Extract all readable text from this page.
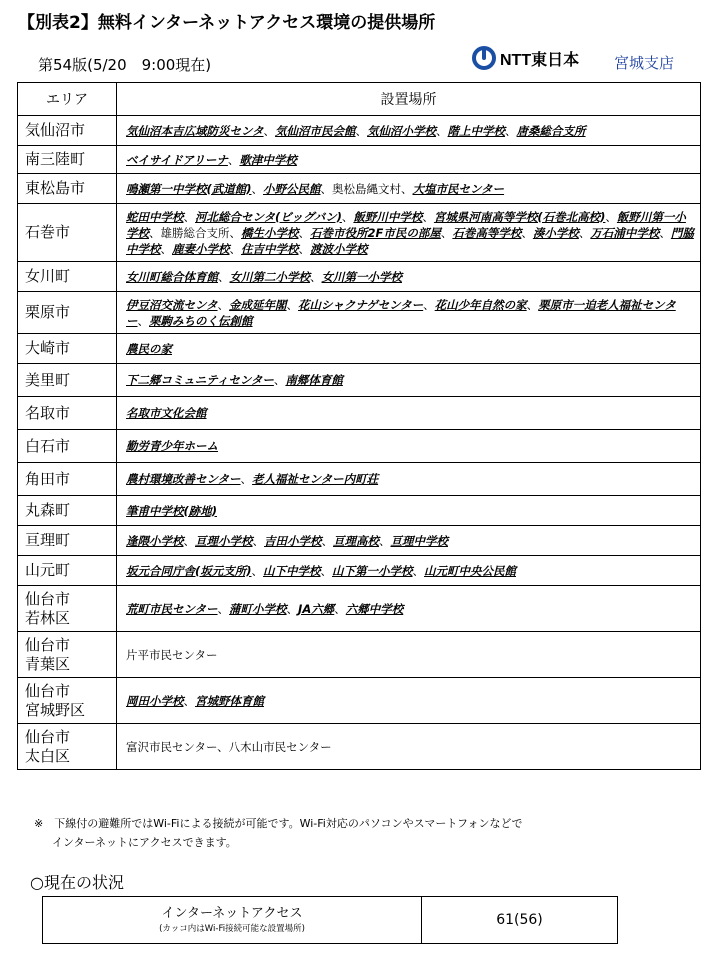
【別表2】無料インターネットアクセス環境の提供場所
第54版(5/20　9:00現在)	NTT東日本 宮城支店
エリア	設置場所

気仙沼市	気仙沼本吉広域防災センタ、気仙沼市民会館、気仙沼小学校、階上中学校、唐桑総合支所

南三陸町	ベイサイドアリーナ、歌津中学校

東松島市	鳴瀬第一中学校(武道館)、小野公民館、奥松島縄文村、大塩市民センター

石巻市	蛇田中学校、河北総合センタ(ビッグバン)、飯野川中学校、宮城県河南高等学校(石巻北高校)、飯野川第一小学校、雄勝総合支所、橋生小学校、石巻市役所2F市民の部屋、石巻高等学校、湊小学校、万石浦中学校、門脇中学校、鹿妻小学校、住吉中学校、渡波小学校

女川町	女川町総合体育館、女川第二小学校、女川第一小学校

栗原市	伊豆沼交流センタ、金成延年閣、花山シャクナゲセンター、花山少年自然の家、栗原市一迫老人福祉センター、栗駒みちのく伝創館

大崎市	農民の家

美里町	下二郷コミュニティセンター、南郷体育館

名取市	名取市文化会館

白石市	勤労青少年ホーム

角田市	農村環境改善センター、老人福祉センター内町荘

丸森町	筆甫中学校(跡地)

亘理町	逢隈小学校、亘理小学校、吉田小学校、亘理高校、亘理中学校

山元町	坂元合同庁舎(坂元支所)、山下中学校、山下第一小学校、山元町中央公民館

仙台市
若林区	荒町市民センター、蒲町小学校、JA六郷、六郷中学校

仙台市
青葉区	片平市民センター

仙台市
宮城野区	岡田小学校、宮城野体育館

仙台市
太白区	富沢市民センター、八木山市民センター
※　下線付の避難所ではWi-Fiによる接続が可能です。Wi-Fi対応のパソコンやスマートフォンなどで
インターネットにアクセスできます。
○現在の状況
インターネットアクセス
(カッコ内はWi-Fi接続可能な設置場所)
	61(56)
